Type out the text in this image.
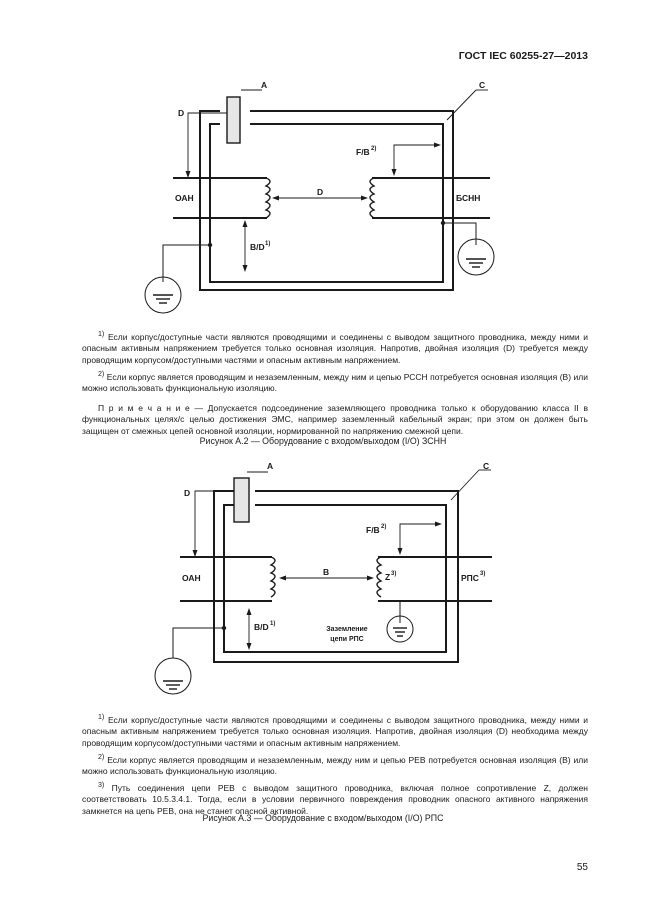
ГОСТ IEC 60255-27—2013
A	C
D
D
F/B 2)
ОАН	БСНН
B/D 1)

$^{1)}$ Если корпус/доступные части являются проводящими и соединены с выводом защитного проводника, между ними и опасным активным напряжением требуется только основная изоляция. Напротив, двойная изоляция (D) требуется между проводящим корпусом/доступными частями и опасным активным напряжением.

$^{2)}$ Если корпус является проводящим и незаземленным, между ним и цепью РССН потребуется основная изоляция (B) или можно использовать функциональную изоляцию.

П р и м е ч а н и е — Допускается подсоединение заземляющего проводника только к оборудованию класса II в функциональных целях/с целью достижения ЭМС, например заземленный кабельный экран; при этом он должен быть защищен от смежных цепей основной изоляции, нормированной по напряжению смежной цепи.

Рисунок А.2 — Оборудование с входом/выходом (I/O) ЗСНН
A	C
D
B
F/B 2)
ОАН	Z 3)	РПС 3)
B/D 1)
Заземление
цепи РПС

$^{1)}$ Если корпус/доступные части являются проводящими и соединены с выводом защитного проводника, между ними и опасным активным напряжением требуется только основная изоляция. Напротив, двойная изоляция (D) необходима между проводящим корпусом/доступными частями и опасным активным напряжением.

$^{2)}$ Если корпус является проводящим и незаземленным, между ним и цепью РЕВ потребуется основная изоляция (B) или можно использовать функциональную изоляцию.

$^{3)}$ Путь соединения цепи РЕВ с выводом защитного проводника, включая полное сопротивление Z, должен соответствовать 10.5.3.4.1. Тогда, если в условии первичного повреждения проводник опасного активного напряжения замкнется на цепь РЕВ, она не станет опасной активной.

Рисунок А.3 — Оборудование с входом/выходом (I/O) РПС
55
